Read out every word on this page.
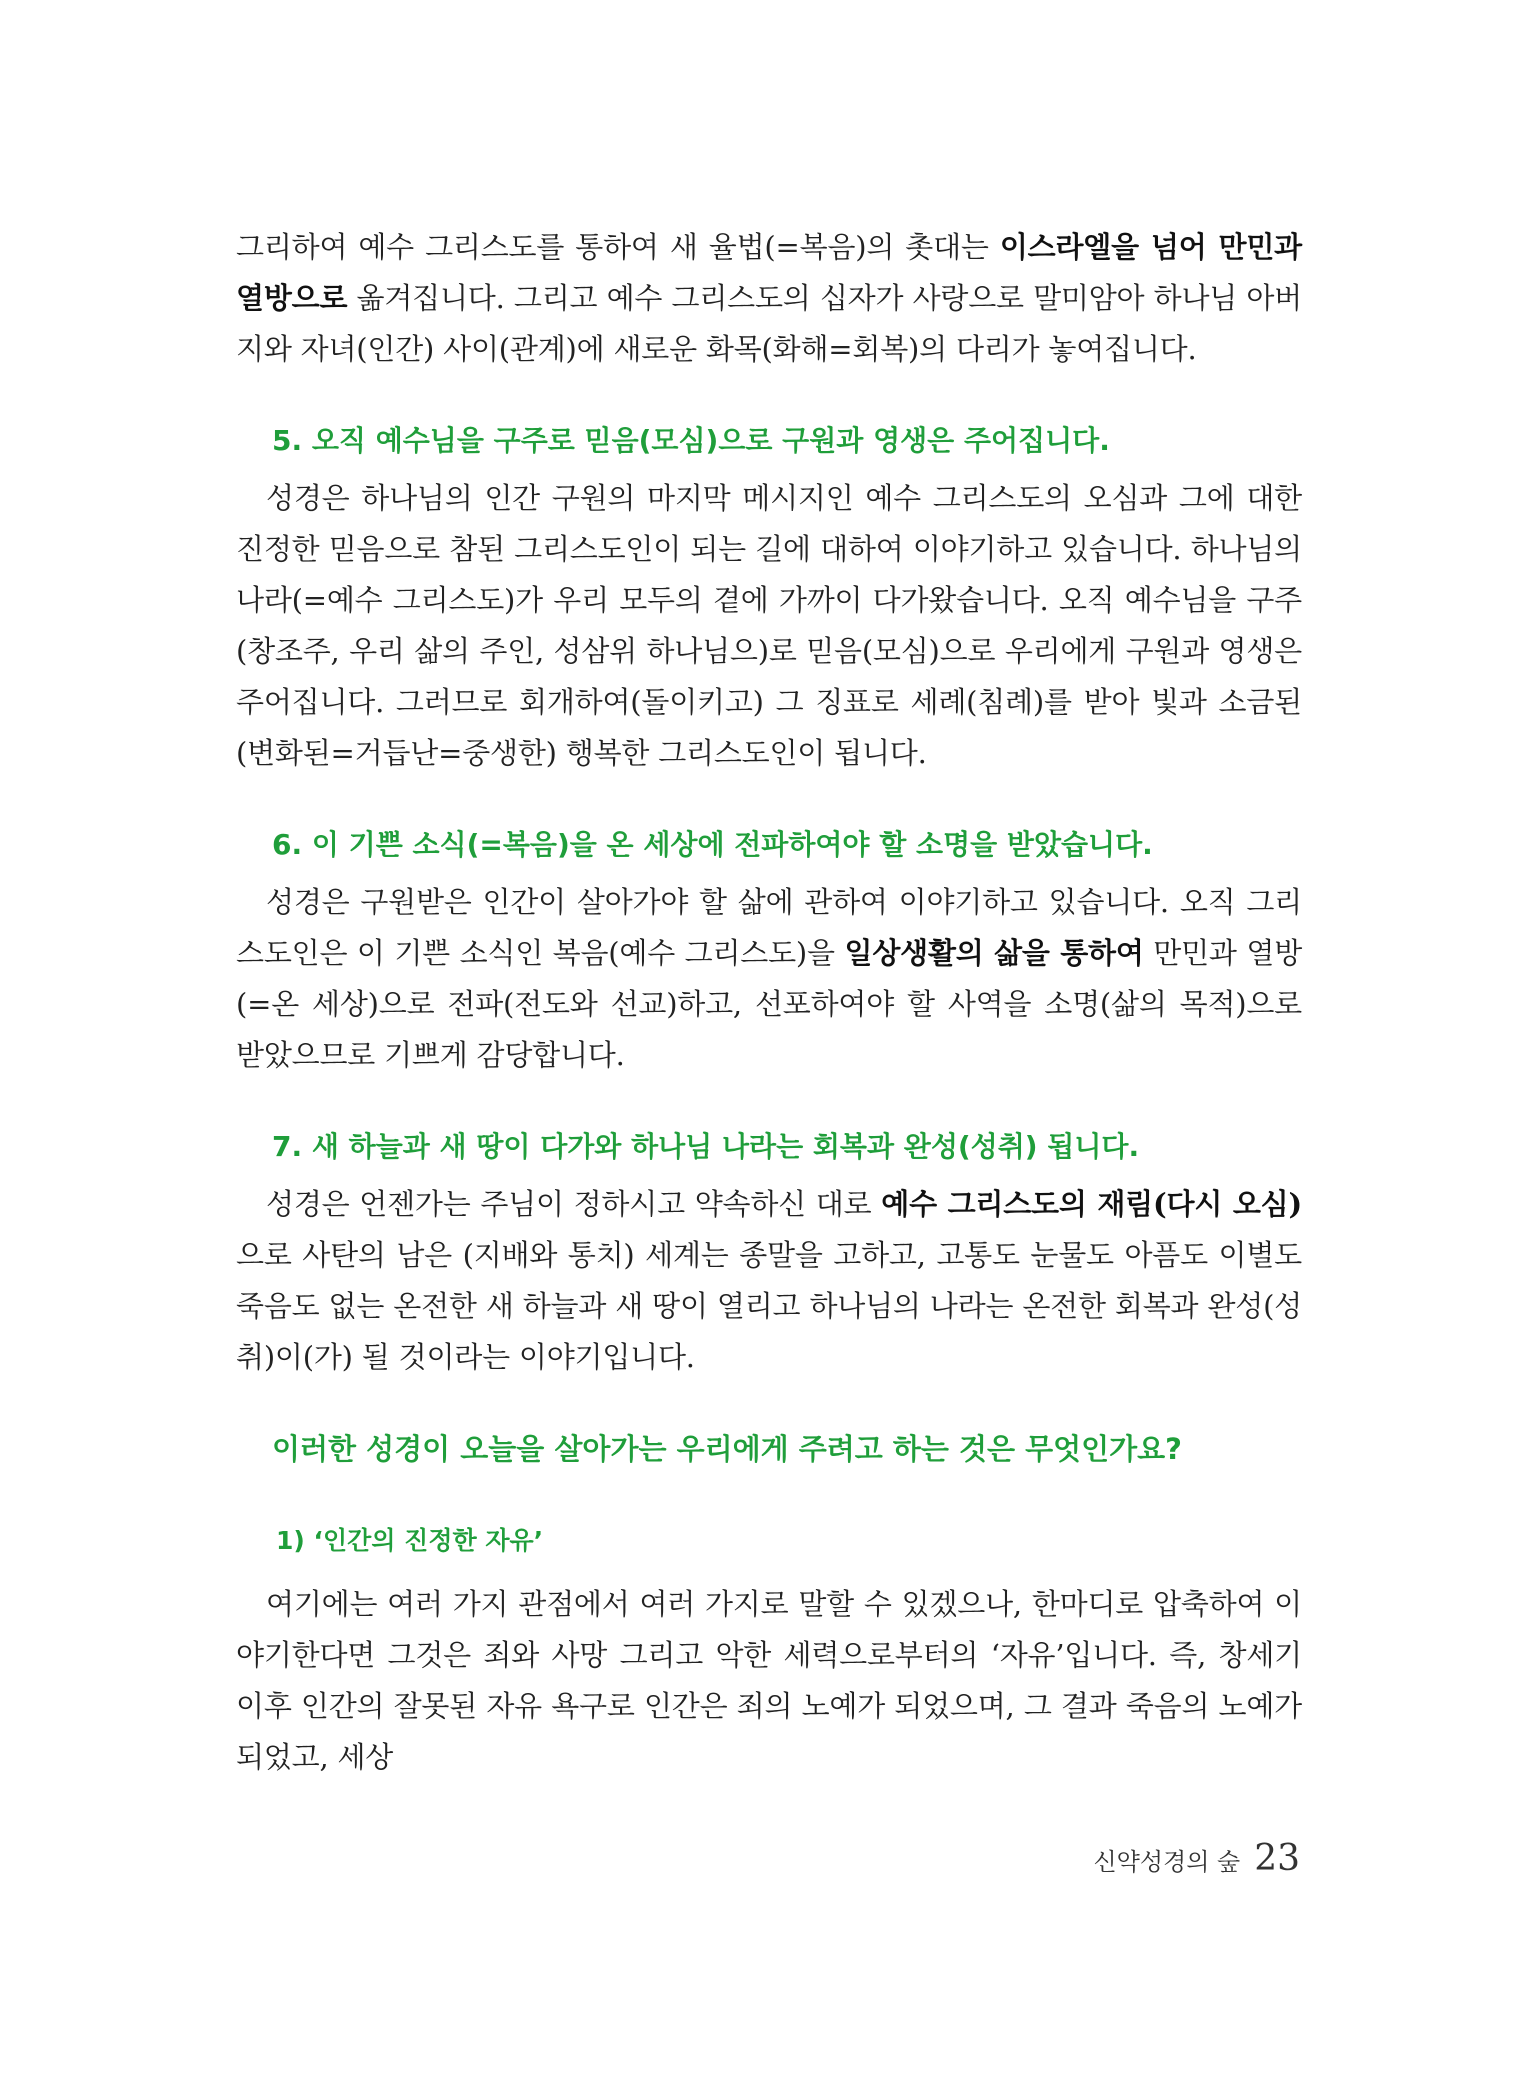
그리하여 예수 그리스도를 통하여 새 율법(=복음)의 촛대는 이스라엘을 넘어 만민과 열방으로 옮겨집니다. 그리고 예수 그리스도의 십자가 사랑으로 말미암아 하나님 아버지와 자녀(인간) 사이(관계)에 새로운 화목(화해=회복)의 다리가 놓여집니다.

5. 오직 예수님을 구주로 믿음(모심)으로 구원과 영생은 주어집니다.

성경은 하나님의 인간 구원의 마지막 메시지인 예수 그리스도의 오심과 그에 대한 진정한 믿음으로 참된 그리스도인이 되는 길에 대하여 이야기하고 있습니다. 하나님의 나라(=예수 그리스도)가 우리 모두의 곁에 가까이 다가왔습니다. 오직 예수님을 구주(창조주, 우리 삶의 주인, 성삼위 하나님으)로 믿음(모심)으로 우리에게 구원과 영생은 주어집니다. 그러므로 회개하여(돌이키고) 그 징표로 세례(침례)를 받아 빛과 소금된 (변화된=거듭난=중생한) 행복한 그리스도인이 됩니다.

6. 이 기쁜 소식(=복음)을 온 세상에 전파하여야 할 소명을 받았습니다.

성경은 구원받은 인간이 살아가야 할 삶에 관하여 이야기하고 있습니다. 오직 그리스도인은 이 기쁜 소식인 복음(예수 그리스도)을 일상생활의 삶을 통하여 만민과 열방(=온 세상)으로 전파(전도와 선교)하고, 선포하여야 할 사역을 소명(삶의 목적)으로 받았으므로 기쁘게 감당합니다.

7. 새 하늘과 새 땅이 다가와 하나님 나라는 회복과 완성(성취) 됩니다.

성경은 언젠가는 주님이 정하시고 약속하신 대로 예수 그리스도의 재림(다시 오심)으로 사탄의 남은 (지배와 통치) 세계는 종말을 고하고, 고통도 눈물도 아픔도 이별도 죽음도 없는 온전한 새 하늘과 새 땅이 열리고 하나님의 나라는 온전한 회복과 완성(성취)이(가) 될 것이라는 이야기입니다.

이러한 성경이 오늘을 살아가는 우리에게 주려고 하는 것은 무엇인가요?
1) ‘인간의 진정한 자유’

여기에는 여러 가지 관점에서 여러 가지로 말할 수 있겠으나, 한마디로 압축하여 이야기한다면 그것은 죄와 사망 그리고 악한 세력으로부터의 ‘자유’입니다. 즉, 창세기 이후 인간의 잘못된 자유 욕구로 인간은 죄의 노예가 되었으며, 그 결과 죽음의 노예가 되었고, 세상

신약성경의 숲 23
